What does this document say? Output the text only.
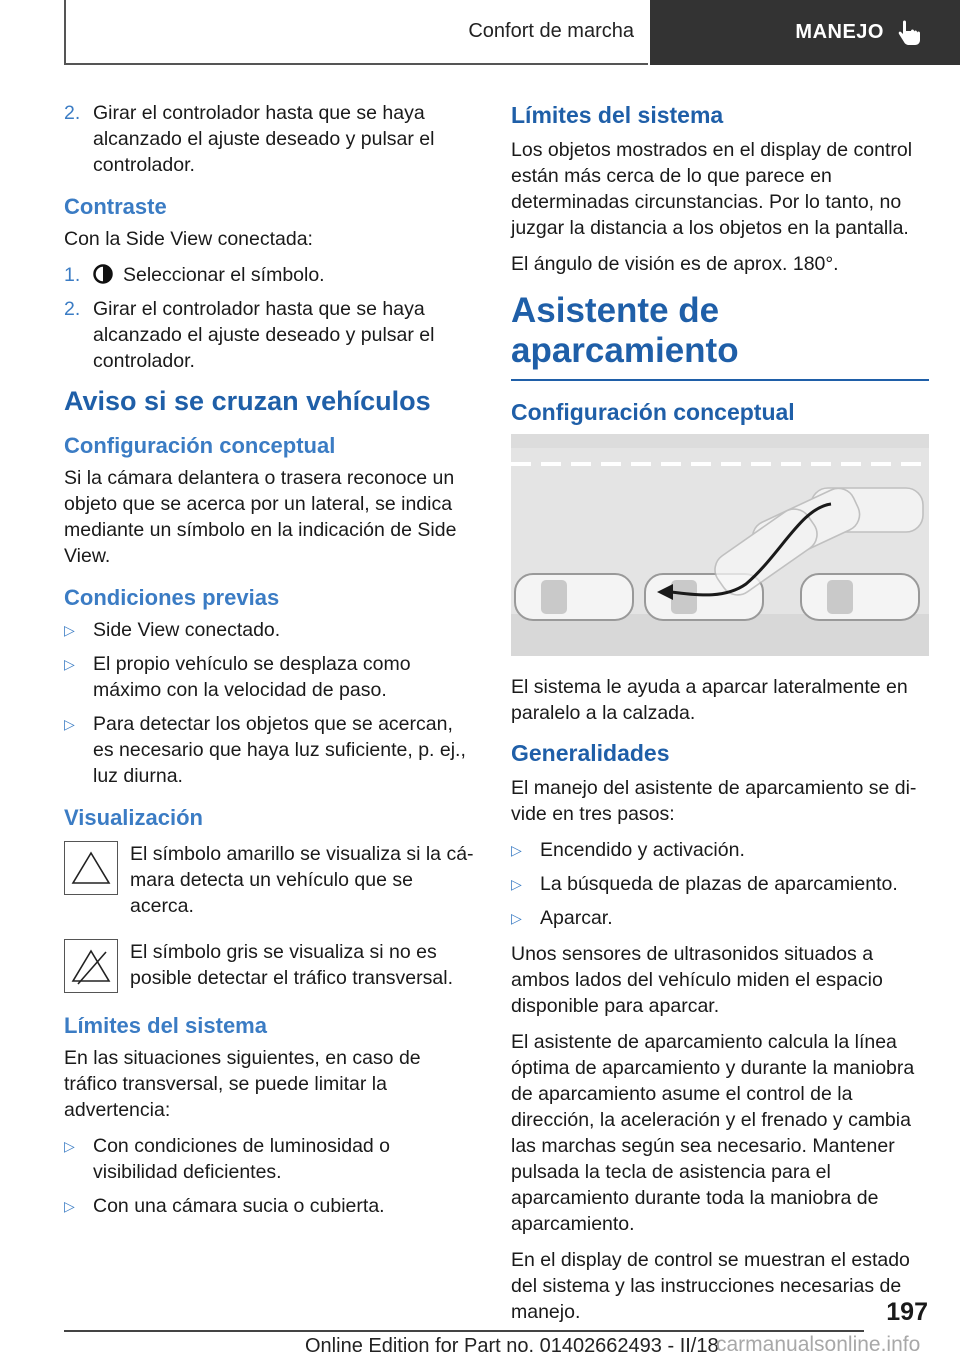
Confort de marcha	MANEJO
2. Girar el controlador hasta que se haya alcanzado el ajuste deseado y pulsar el controlador.
Contraste

Con la Side View conectada:

1.	Seleccionar el símbolo.
2. Girar el controlador hasta que se haya alcanzado el ajuste deseado y pulsar el controlador.
Aviso si se cruzan vehículos
Configuración conceptual

Si la cámara delantera o trasera reconoce un objeto que se acerca por un lateral, se indica mediante un símbolo en la indicación de Side View.

Condiciones previas
▷ Side View conectado.
▷ El propio vehículo se desplaza como máximo con la velocidad de paso.
▷ Para detectar los objetos que se acercan, es necesario que haya luz suficiente, p. ej., luz diurna.
Visualización

El símbolo amarillo se visualiza si la cámara detecta un vehículo que se acerca.

El símbolo gris se visualiza si no es posible detectar el tráfico transversal.

Límites del sistema

En las situaciones siguientes, en caso de tráfico transversal, se puede limitar la advertencia:

▷ Con condiciones de luminosidad o visibilidad deficientes.
▷ Con una cámara sucia o cubierta.
Límites del sistema

Los objetos mostrados en el display de control están más cerca de lo que parece en determinadas circunstancias. Por lo tanto, no juzgar la distancia a los objetos en la pantalla.

El ángulo de visión es de aprox. 180°.

Asistente de aparcamiento
Configuración conceptual

El sistema le ayuda a aparcar lateralmente en paralelo a la calzada.

Generalidades

El manejo del asistente de aparcamiento se divide en tres pasos:

▷ Encendido y activación.
▷ La búsqueda de plazas de aparcamiento.
▷ Aparcar.

Unos sensores de ultrasonidos situados a ambos lados del vehículo miden el espacio disponible para aparcar.

El asistente de aparcamiento calcula la línea óptima de aparcamiento y durante la maniobra de aparcamiento asume el control de la dirección, la aceleración y el frenado y cambia las marchas según sea necesario. Mantener pulsada la tecla de asistencia para el aparcamiento durante toda la maniobra de aparcamiento.

En el display de control se muestran el estado del sistema y las instrucciones necesarias de manejo.	197
Online Edition for Part no. 01402662493 - II/18
carmanualsonline.info
